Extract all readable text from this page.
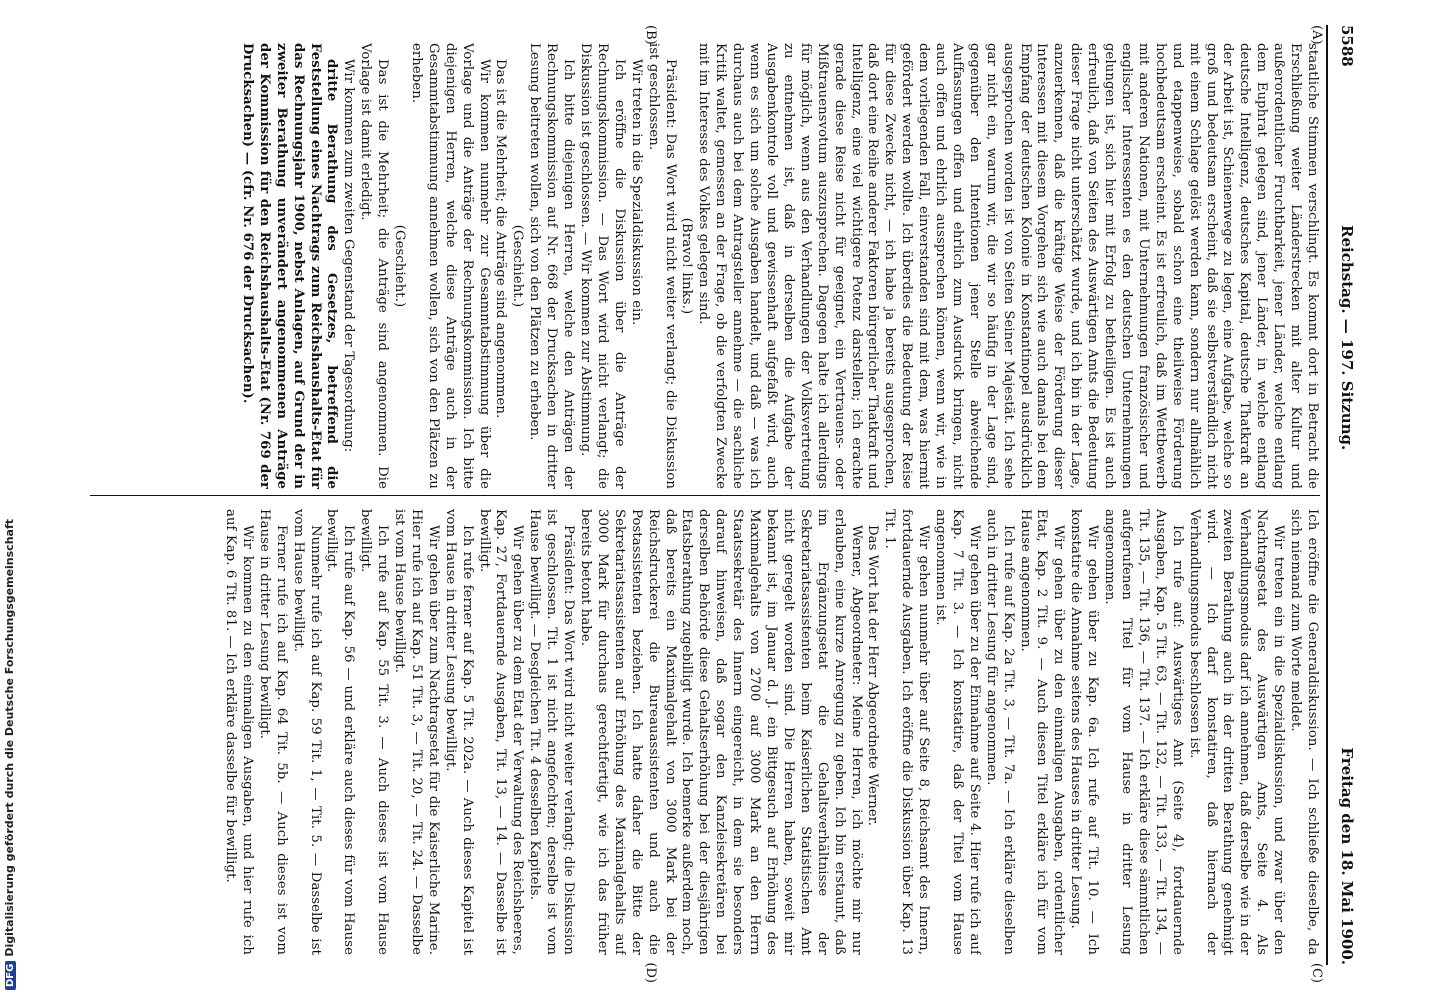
5588
Reichstag. — 197. Sitzung.
Freitag den 18. Mai 1900.
(A)
(B)
(C)
(D)

staatliche Stimmen verschlingt. Es kommt dort in Betracht die Erschließung weiter Länderstrecken mit alter Kultur und außerordentlicher Fruchtbarkeit, jener Länder, welche entlang dem Euphrat gelegen sind, jener Länder, in welche entlang deutsche Intelligenz, deutsches Kapital, deutsche Thatkraft an der Arbeit ist, Schienenwege zu legen, eine Aufgabe, welche so groß und bedeutsam erscheint, daß sie selbstverständlich nicht mit einem Schlage gelöst werden kann, sondern nur allmählich und etappenweise, sobald schon eine theilweise Förderung hochbedeutsam erscheint. Es ist erfreulich, daß im Wettbewerb mit anderen Nationen, mit Unternehmungen französischer und englischer Interessenten es den deutschen Unternehmungen gelungen ist, sich hier mit Erfolg zu betheiligen. Es ist auch erfreulich, daß von Seiten des Auswärtigen Amts die Bedeutung dieser Frage nicht unterschätzt wurde, und ich bin in der Lage, anzuerkennen, daß die kräftige Weise der Förderung dieser Interessen mit diesem Vorgehen sich wie auch damals bei dem Empfang der deutschen Kolonie in Konstantinopel ausdrücklich ausgesprochen worden ist von Seiten Seiner Majestät. Ich sehe gar nicht ein, warum wir, die wir so häufig in der Lage sind, gegenüber den Intentionen jener Stelle abweichende Auffassungen offen und ehrlich zum Ausdruck bringen, nicht auch offen und ehrlich aussprechen können, wenn wir, wie in dem vorliegenden Fall, einverstanden sind mit dem, was hiermit gefördert werden wollte. Ich überdies die Bedeutung der Reise für diese Zwecke nicht, — ich habe ja bereits ausgesprochen, daß dort eine Reihe anderer Faktoren bürgerlicher Thatkraft und Intelligenz, eine viel wichtigere Potenz darstellen; ich erachte gerade diese Reise nicht für geeignet, ein Vertrauens- oder Mißtrauensvotum auszusprechen. Dagegen halte ich allerdings für möglich, wenn aus den Verhandlungen der Volksvertretung zu entnehmen ist, daß in derselben die Aufgabe der Ausgabenkontrole voll und gewissenhaft aufgefaßt wird, auch wenn es sich um solche Ausgaben handelt, und daß — was ich durchaus auch bei dem Antragsteller annehme — die sachliche Kritik waltet, gemessen an der Frage, ob die verfolgten Zwecke mit im Interesse des Volkes gelegen sind.

(Bravo! links.)

Präsident: Das Wort wird nicht weiter verlangt; die Diskussion ist geschlossen.

Wir treten in die Spezialdiskussion ein.

Ich eröffne die Diskussion über die Anträge der Rechnungskommission. — Das Wort wird nicht verlangt; die Diskussion ist geschlossen. — Wir kommen zur Abstimmung.

Ich bitte diejenigen Herren, welche den Anträgen der Rechnungskommission auf Nr. 668 der Drucksachen in dritter Lesung beitreten wollen, sich von den Plätzen zu erheben.

(Geschieht.)

Das ist die Mehrheit; die Anträge sind angenommen.

Wir kommen nunmehr zur Gesammtabstimmung über die Vorlage und die Anträge der Rechnungskommission. Ich bitte diejenigen Herren, welche diese Anträge auch in der Gesammtabstimmung annehmen wollen, sich von den Plätzen zu erheben.

(Geschieht.)

Das ist die Mehrheit; die Anträge sind angenommen. Die Vorlage ist damit erledigt.

Wir kommen zum zweiten Gegenstand der Tagesordnung:

dritte Berathung des Gesetzes, betreffend die Feststellung eines Nachtrags zum Reichshaushalts-Etat für das Rechnungsjahr 1900, nebst Anlagen, auf Grund der in zweiter Berathung unverändert angenommenen Anträge der Kommission für den Reichshaushalts-Etat (Nr. 769 der Drucksachen) — (cfr. Nr. 676 der Drucksachen).

Ich eröffne die Generaldiskussion. — Ich schließe dieselbe, da sich niemand zum Worte meldet.

Wir treten ein in die Spezialdiskussion, und zwar über den Nachtragsetat des Auswärtigen Amts, Seite 4. Als Verhandlungsmodus darf ich annehmen, daß derselbe wie in der zweiten Berathung auch in der dritten Berathung genehmigt wird. — Ich darf konstatiren, daß hiernach der Verhandlungsmodus beschlossen ist.

Ich rufe auf: Auswärtiges Amt (Seite 4), fortdauernde Ausgaben, Kap. 5 Tit. 63, — Tit. 132, — Tit. 133, — Tit. 134, — Tit. 135, — Tit. 136, — Tit. 137. — Ich erkläre diese sämmtlichen aufgerufenen Titel für vom Hause in dritter Lesung angenommen.

Wir gehen über zu Kap. 6a. Ich rufe auf Tit. 10. — Ich konstatire die Annahme seitens des Hauses in dritter Lesung.

Wir gehen über zu den einmaligen Ausgaben, ordentlicher Etat, Kap. 2 Tit. 9. — Auch diesen Titel erkläre ich für vom Hause angenommen.

Ich rufe auf Kap. 2a Tit. 3, — Tit. 7a. — Ich erkläre dieselben auch in dritter Lesung für angenommen.

Wir gehen über zu der Einnahme auf Seite 4. Hier rufe ich auf Kap. 7 Tit. 3. — Ich konstatire, daß der Titel vom Hause angenommen ist.

Wir gehen nunmehr über auf Seite 8, Reichsamt des Innern, fortdauernde Ausgaben. Ich eröffne die Diskussion über Kap. 13 Tit. 1.

Das Wort hat der Herr Abgeordnete Werner.

Werner, Abgeordneter: Meine Herren, ich möchte mir nur erlauben, eine kurze Anregung zu geben. Ich bin erstaunt, daß im Ergänzungsetat die Gehaltsverhältnisse der Sekretariatsassistenten beim Kaiserlichen Statistischen Amt nicht geregelt worden sind. Die Herren haben, soweit mir bekannt ist, im Januar d. J. ein Bittgesuch auf Erhöhung des Maximalgehalts von 2700 auf 3000 Mark an den Herrn Staatssekretär des Innern eingereicht, in dem sie besonders darauf hinweisen, daß sogar den Kanzleisekretären bei derselben Behörde diese Gehaltserhöhung bei der diesjährigen Etatsberathung zugebilligt wurde. Ich bemerke außerdem noch, daß bereits ein Maximalgehalt von 3000 Mark bei der Reichsdruckerei die Bureauassistenten und auch die Postassistenten beziehen. Ich hatte daher die Bitte der Sekretariatsassistenten auf Erhöhung des Maximalgehalts auf 3000 Mark für durchaus gerechtfertigt, wie ich das früher bereits betont habe.

Präsident: Das Wort wird nicht weiter verlangt; die Diskussion ist geschlossen. Tit. 1 ist nicht angefochten; derselbe ist vom Hause bewilligt. — Desgleichen Tit. 4 desselben Kapitels.

Wir gehen über zu dem Etat der Verwaltung des Reichsheeres, Kap. 27, Fortdauernde Ausgaben, Tit. 13, — 14. — Dasselbe ist bewilligt.

Ich rufe ferner auf Kap. 5 Tit. 202a. — Auch dieses Kapitel ist vom Hause in dritter Lesung bewilligt.

Wir gehen über zum Nachtragsetat für die Kaiserliche Marine. Hier rufe ich auf Kap. 51 Tit. 3, — Tit. 20, — Tit. 24. — Dasselbe ist vom Hause bewilligt.

Ich rufe auf Kap. 55 Tit. 3. — Auch dieses ist vom Hause bewilligt.

Ich rufe auf Kap. 56 — und erkläre auch dieses für vom Hause bewilligt.

Nunmehr rufe ich auf Kap. 59 Tit. 1, — Tit. 5. — Dasselbe ist vom Hause bewilligt.

Ferner rufe ich auf Kap. 64 Tit. 5b. — Auch dieses ist vom Hause in dritter Lesung bewilligt.

Wir kommen zu den einmaligen Ausgaben, und hier rufe ich auf Kap. 6 Tit. 81. — Ich erkläre dasselbe für bewilligt.

DFGDigitalisierung gefördert durch die Deutsche Forschungsgemeinschaft
